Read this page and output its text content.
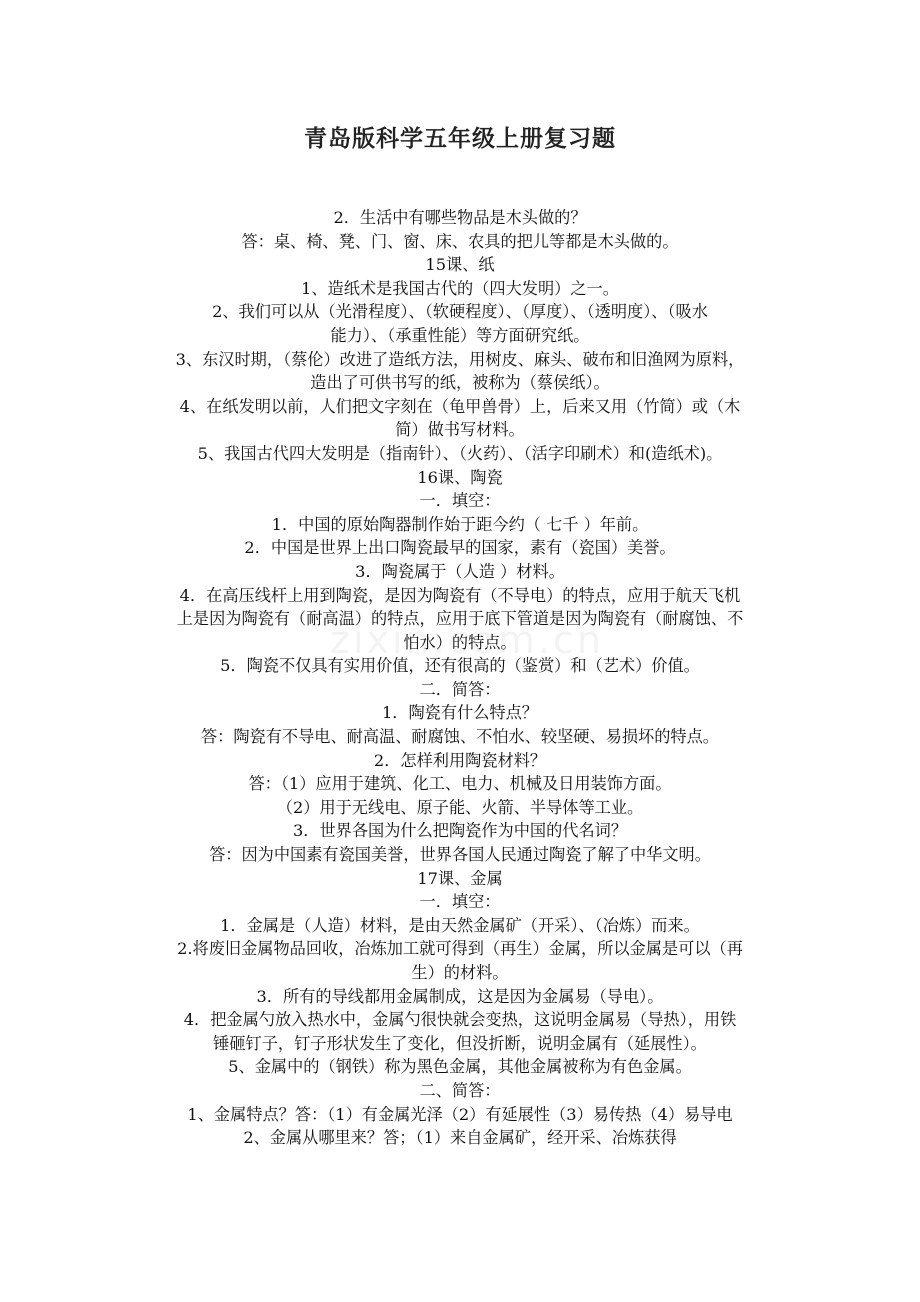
青岛版科学五年级上册复习题
2．生活中有哪些物品是木头做的？
答：桌、椅、凳、门、窗、床、农具的把儿等都是木头做的。
15课、纸
1、造纸术是我国古代的（四大发明）之一。
2、我们可以从（光滑程度）、（软硬程度）、（厚度）、（透明度）、（吸水
能力）、（承重性能）等方面研究纸。
3、东汉时期，（蔡伦）改进了造纸方法，用树皮、麻头、破布和旧渔网为原料，
造出了可供书写的纸，被称为（蔡侯纸）。
4、在纸发明以前，人们把文字刻在（龟甲兽骨）上，后来又用（竹简）或（木
简）做书写材料。
5、我国古代四大发明是（指南针）、（火药）、（活字印刷术）和(造纸术)。
16课、陶瓷
一．填空：
1．中国的原始陶器制作始于距今约（ 七千 ）年前。
2．中国是世界上出口陶瓷最早的国家，素有（瓷国）美誉。
3．陶瓷属于（人造 ）材料。
4．在高压线杆上用到陶瓷，是因为陶瓷有（不导电）的特点，应用于航天飞机
上是因为陶瓷有（耐高温）的特点，应用于底下管道是因为陶瓷有（耐腐蚀、不
怕水）的特点。
5．陶瓷不仅具有实用价值，还有很高的（鉴赏）和（艺术）价值。
二．简答：
1．陶瓷有什么特点？
答：陶瓷有不导电、耐高温、耐腐蚀、不怕水、较坚硬、易损坏的特点。
2．怎样利用陶瓷材料？
答：（1）应用于建筑、化工、电力、机械及日用装饰方面。
（2）用于无线电、原子能、火箭、半导体等工业。
3．世界各国为什么把陶瓷作为中国的代名词？
答：因为中国素有瓷国美誉，世界各国人民通过陶瓷了解了中华文明。
17课、金属
一．填空：
1．金属是（人造）材料，是由天然金属矿（开采）、（冶炼）而来。
2.将废旧金属物品回收，冶炼加工就可得到（再生）金属，所以金属是可以（再
生）的材料。
3．所有的导线都用金属制成，这是因为金属易（导电）。
4．把金属勺放入热水中，金属勺很快就会变热，这说明金属易（导热），用铁
锤砸钉子，钉子形状发生了变化，但没折断，说明金属有（延展性）。
5、金属中的（钢铁）称为黑色金属，其他金属被称为有色金属。
二、简答：
1、金属特点？答：（1）有金属光泽（2）有延展性（3）易传热（4）易导电
2、金属从哪里来？答；（1）来自金属矿，经开采、冶炼获得
